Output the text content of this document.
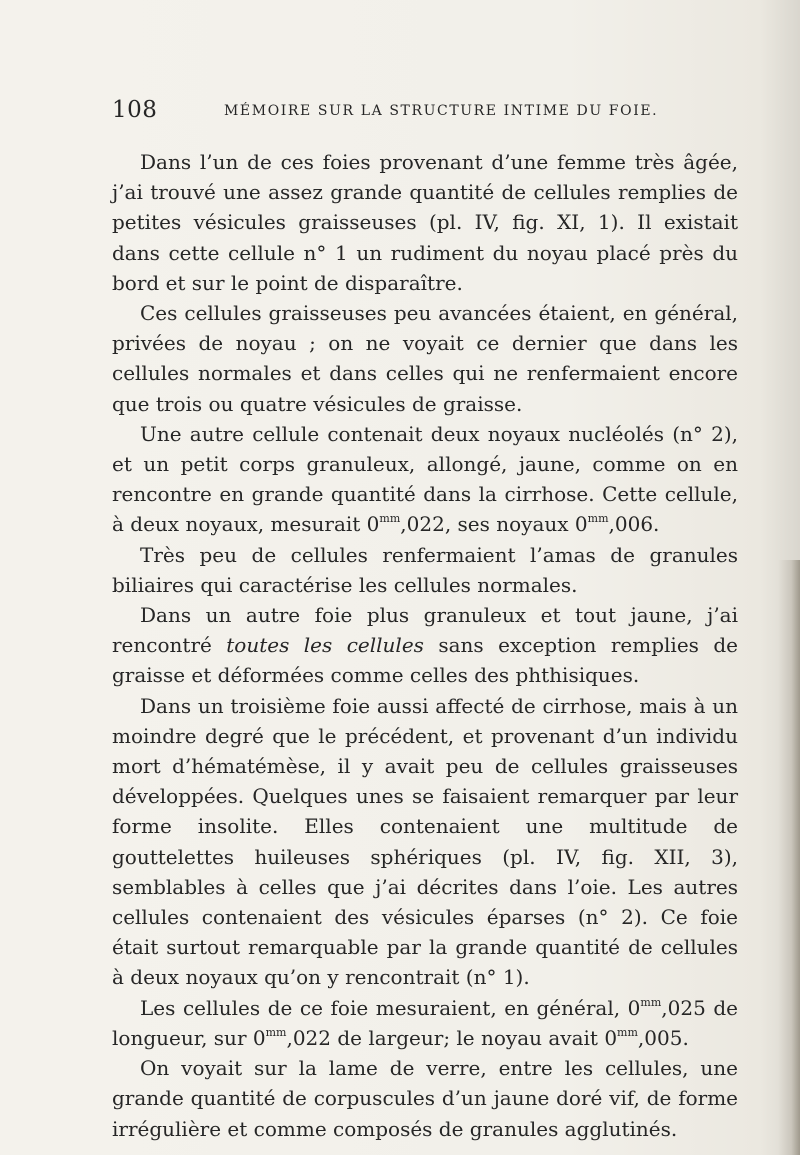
108	MÉMOIRE SUR LA STRUCTURE INTIME DU FOIE.

Dans l’un de ces foies provenant d’une femme très âgée, j’ai trouvé une assez grande quantité de cellules remplies de petites vésicules graisseuses (pl. IV, fig. XI, 1). Il existait dans cette cellule n° 1 un rudiment du noyau placé près du bord et sur le point de disparaître.

Ces cellules graisseuses peu avancées étaient, en général, privées de noyau ; on ne voyait ce dernier que dans les cellules normales et dans celles qui ne renfermaient encore que trois ou quatre vésicules de graisse.

Une autre cellule contenait deux noyaux nucléolés (n° 2), et un petit corps granuleux, allongé, jaune, comme on en rencontre en grande quantité dans la cirrhose. Cette cellule, à deux noyaux, mesurait $0^{mm},022$, ses noyaux $0^{mm},006$.

Très peu de cellules renfermaient l’amas de granules biliaires qui caractérise les cellules normales.

Dans un autre foie plus granuleux et tout jaune, j’ai rencontré toutes les cellules sans exception remplies de graisse et déformées comme celles des phthisiques.

Dans un troisième foie aussi affecté de cirrhose, mais à un moindre degré que le précédent, et provenant d’un individu mort d’hématémèse, il y avait peu de cellules graisseuses développées. Quelques unes se faisaient remarquer par leur forme insolite. Elles contenaient une multitude de gouttelettes huileuses sphériques (pl. IV, fig. XII, 3), semblables à celles que j’ai décrites dans l’oie. Les autres cellules contenaient des vésicules éparses (n° 2). Ce foie était surtout remarquable par la grande quantité de cellules à deux noyaux qu’on y rencontrait (n° 1).

Les cellules de ce foie mesuraient, en général, $0^{mm},025$ de longueur, sur $0^{mm},022$ de largeur; le noyau avait $0^{mm},005$.

On voyait sur la lame de verre, entre les cellules, une grande quantité de corpuscules d’un jaune doré vif, de forme irrégulière et comme composés de granules agglutinés.
